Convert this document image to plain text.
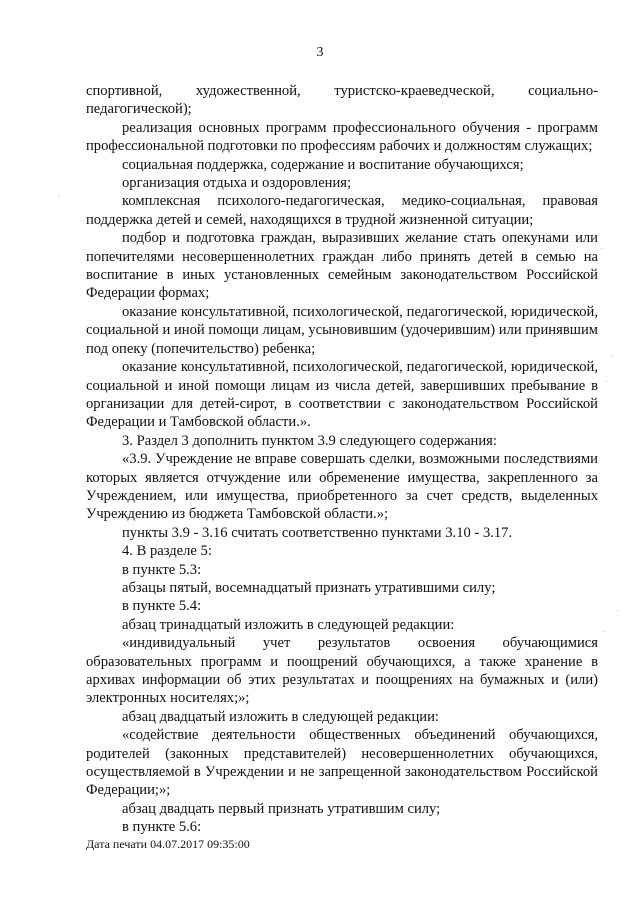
3

спортивной, художественной, туристско-краеведческой, социально-педагогической);

реализация основных программ профессионального обучения - программ профессиональной подготовки по профессиям рабочих и должностям служащих;

социальная поддержка, содержание и воспитание обучающихся;

организация отдыха и оздоровления;

комплексная психолого-педагогическая, медико-социальная, правовая поддержка детей и семей, находящихся в трудной жизненной ситуации;

подбор и подготовка граждан, выразивших желание стать опекунами или попечителями несовершеннолетних граждан либо принять детей в семью на воспитание в иных установленных семейным законодательством Российской Федерации формах;

оказание консультативной, психологической, педагогической, юридической, социальной и иной помощи лицам, усыновившим (удочерившим) или принявшим под опеку (попечительство) ребенка;

оказание консультативной, психологической, педагогической, юридической, социальной и иной помощи лицам из числа детей, завершивших пребывание в организации для детей-сирот, в соответствии с законодательством Российской Федерации и Тамбовской области.».

3. Раздел 3 дополнить пунктом 3.9 следующего содержания:

«3.9. Учреждение не вправе совершать сделки, возможными последствиями которых является отчуждение или обременение имущества, закрепленного за Учреждением, или имущества, приобретенного за счет средств, выделенных Учреждению из бюджета Тамбовской области.»;

пункты 3.9 - 3.16 считать соответственно пунктами 3.10 - 3.17.

4. В разделе 5:

в пункте 5.3:

абзацы пятый, восемнадцатый признать утратившими силу;

в пункте 5.4:

абзац тринадцатый изложить в следующей редакции:

«индивидуальный учет результатов освоения обучающимися образовательных программ и поощрений обучающихся, а также хранение в архивах информации об этих результатах и поощрениях на бумажных и (или) электронных носителях;»;

абзац двадцатый изложить в следующей редакции:

«содействие деятельности общественных объединений обучающихся, родителей (законных представителей) несовершеннолетних обучающихся, осуществляемой в Учреждении и не запрещенной законодательством Российской Федерации;»;

абзац двадцать первый признать утратившим силу;

в пункте 5.6:

Дата печати 04.07.2017 09:35:00
